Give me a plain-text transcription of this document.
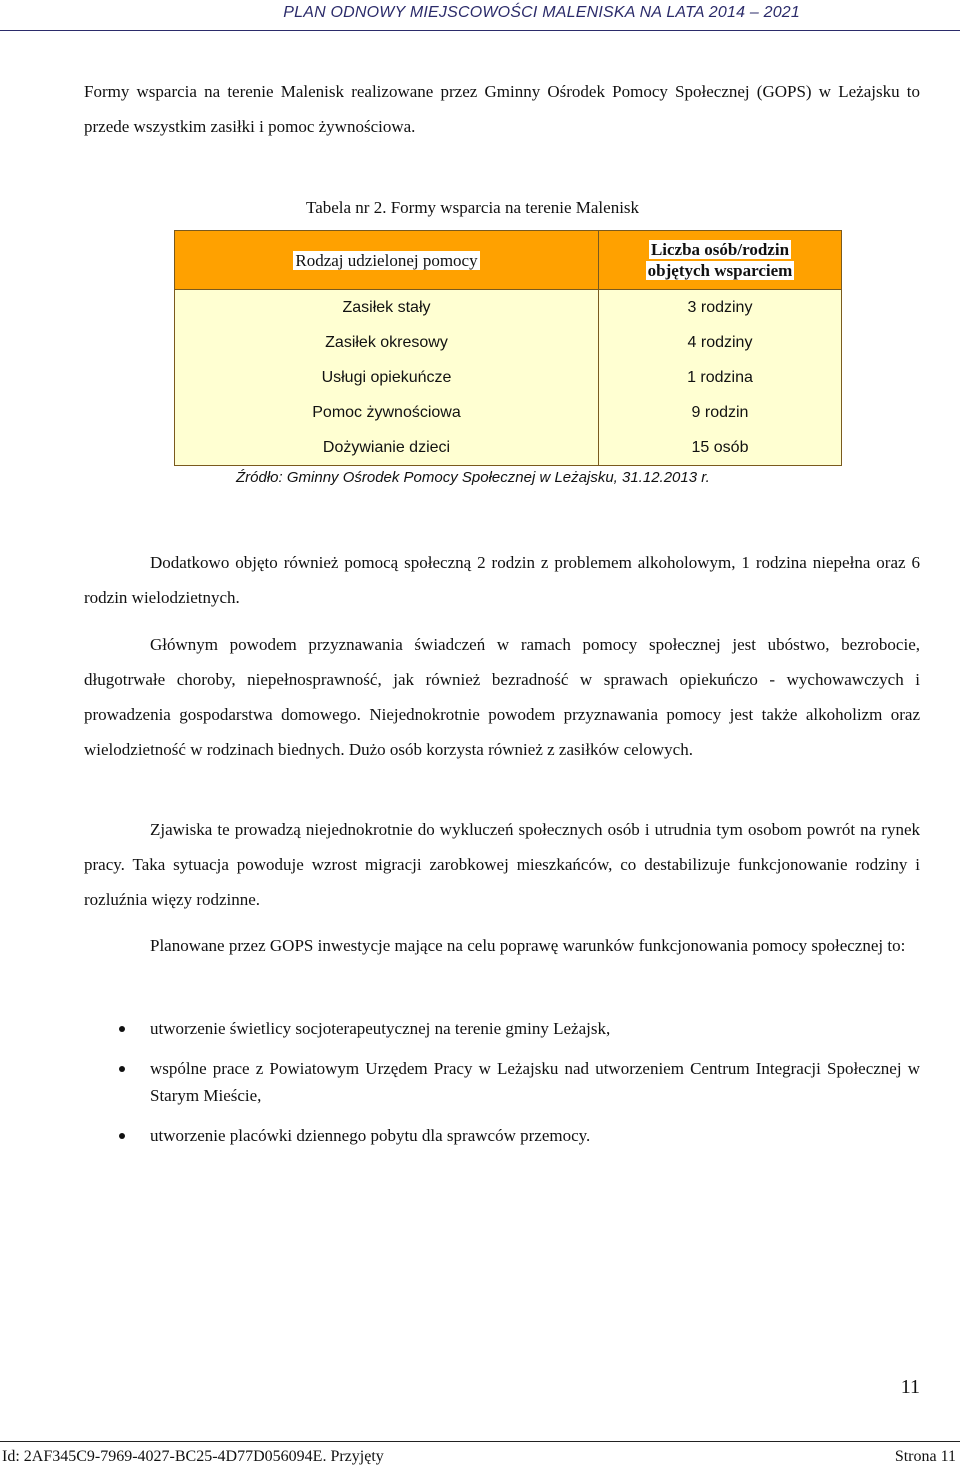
PLAN ODNOWY MIEJSCOWOŚCI MALENISKA NA LATA 2014 – 2021

Formy wsparcia na terenie Malenisk realizowane przez Gminny Ośrodek Pomocy Społecznej (GOPS) w Leżajsku to przede wszystkim zasiłki i pomoc żywnościowa.

Tabela nr 2. Formy wsparcia na terenie Malenisk

Rodzaj udzielonej pomocy	Liczba osób/rodzin
objętych wsparciem
Zasiłek stały	3 rodziny
Zasiłek okresowy	4 rodziny
Usługi opiekuńcze	1 rodzina
Pomoc żywnościowa	9 rodzin
Dożywianie dzieci	15 osób

Źródło: Gminny Ośrodek Pomocy Społecznej w Leżajsku, 31.12.2013 r.

Dodatkowo objęto również pomocą społeczną 2 rodzin z problemem alkoholowym, 1 rodzina niepełna oraz 6 rodzin wielodzietnych.

Głównym powodem przyznawania świadczeń w ramach pomocy społecznej jest ubóstwo, bezrobocie, długotrwałe choroby, niepełnosprawność, jak również bezradność w sprawach opiekuńczo - wychowawczych i prowadzenia gospodarstwa domowego. Niejednokrotnie powodem przyznawania pomocy jest także alkoholizm oraz wielodzietność w rodzinach biednych. Dużo osób korzysta również z zasiłków celowych.

Zjawiska te prowadzą niejednokrotnie do wykluczeń społecznych osób i utrudnia tym osobom powrót na rynek pracy. Taka sytuacja powoduje wzrost migracji zarobkowej mieszkańców, co destabilizuje funkcjonowanie rodziny i rozluźnia więzy rodzinne.

Planowane przez GOPS inwestycje mające na celu poprawę warunków funkcjonowania pomocy społecznej to:

utworzenie świetlicy socjoterapeutycznej na terenie gminy Leżajsk,
wspólne prace z Powiatowym Urzędem Pracy w Leżajsku nad utworzeniem Centrum Integracji Społecznej w Starym Mieście,
utworzenie placówki dziennego pobytu dla sprawców przemocy.
11
Id: 2AF345C9-7969-4027-BC25-4D77D056094E. Przyjęty	Strona 11
